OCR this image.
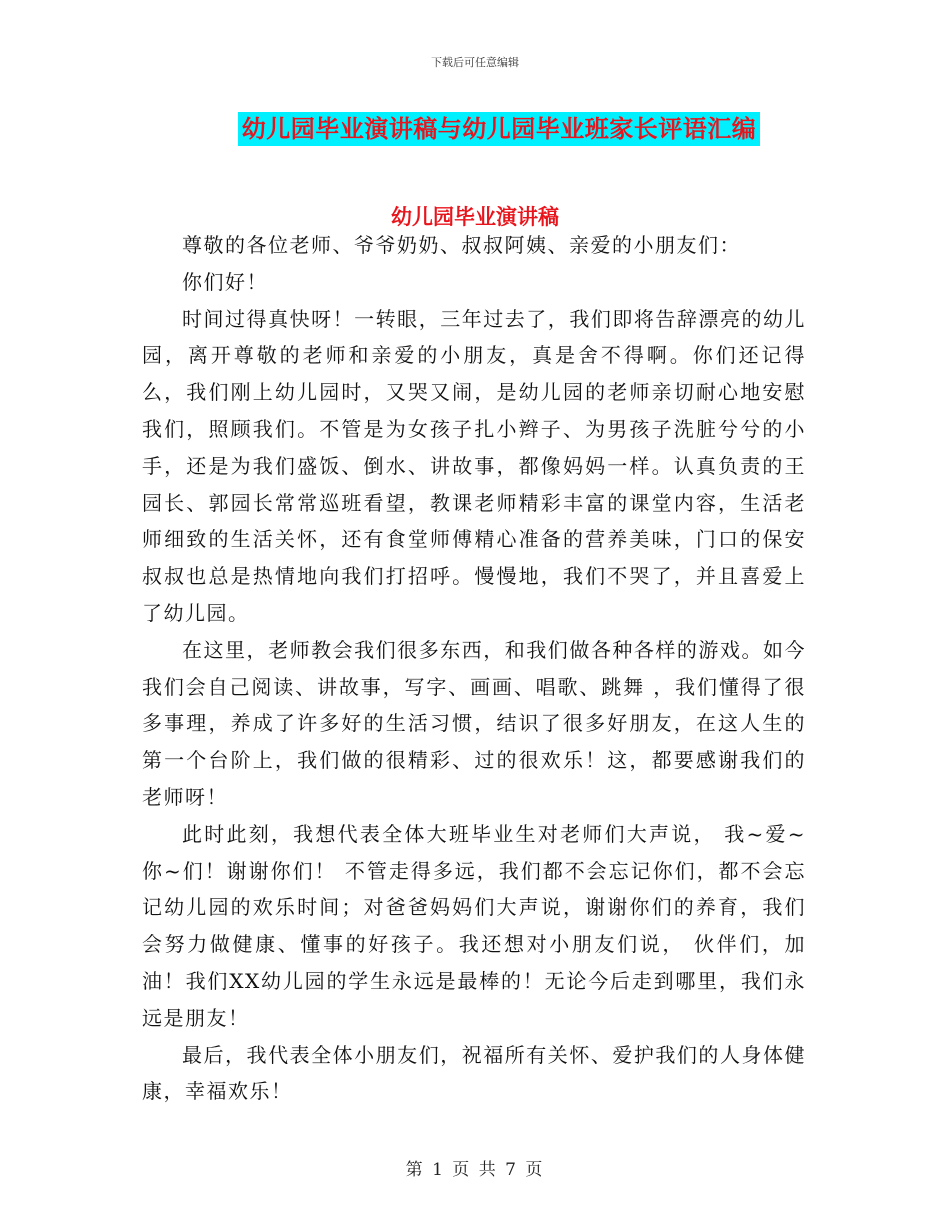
下载后可任意编辑
幼儿园毕业演讲稿与幼儿园毕业班家长评语汇编
幼儿园毕业演讲稿

尊敬的各位老师、爷爷奶奶、叔叔阿姨、亲爱的小朋友们：

你们好！

时间过得真快呀！一转眼，三年过去了，我们即将告辞漂亮的幼儿园，离开尊敬的老师和亲爱的小朋友，真是舍不得啊。你们还记得么，我们刚上幼儿园时，又哭又闹，是幼儿园的老师亲切耐心地安慰我们，照顾我们。不管是为女孩子扎小辫子、为男孩子洗脏兮兮的小手，还是为我们盛饭、倒水、讲故事，都像妈妈一样。认真负责的王园长、郭园长常常巡班看望，教课老师精彩丰富的课堂内容，生活老师细致的生活关怀，还有食堂师傅精心准备的营养美味，门口的保安叔叔也总是热情地向我们打招呼。慢慢地，我们不哭了，并且喜爱上了幼儿园。

在这里，老师教会我们很多东西，和我们做各种各样的游戏。如今我们会自己阅读、讲故事，写字、画画、唱歌、跳舞 ，我们懂得了很多事理，养成了许多好的生活习惯，结识了很多好朋友，在这人生的第一个台阶上，我们做的很精彩、过的很欢乐！这，都要感谢我们的老师呀！

此时此刻，我想代表全体大班毕业生对老师们大声说， 我~爱~你~们！谢谢你们！ 不管走得多远，我们都不会忘记你们，都不会忘记幼儿园的欢乐时间；对爸爸妈妈们大声说，谢谢你们的养育，我们会努力做健康、懂事的好孩子。我还想对小朋友们说， 伙伴们，加油！我们XX幼儿园的学生永远是最棒的！无论今后走到哪里，我们永远是朋友！

最后，我代表全体小朋友们，祝福所有关怀、爱护我们的人身体健康，幸福欢乐！

第 1 页 共 7 页
